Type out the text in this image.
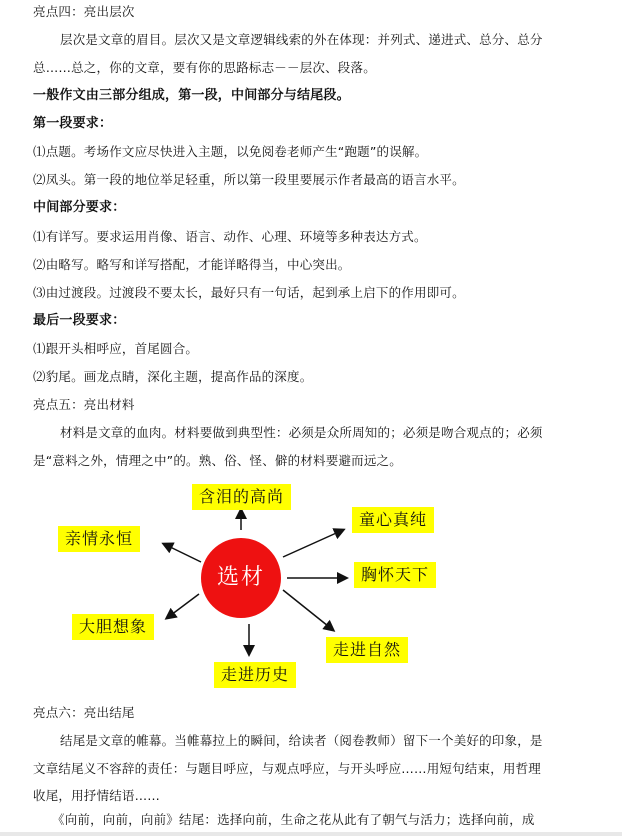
亮点四：亮出层次
层次是文章的眉目。层次又是文章逻辑线索的外在体现：并列式、递进式、总分、总分
总……总之，你的文章，要有你的思路标志－－层次、段落。
一般作文由三部分组成，第一段，中间部分与结尾段。
第一段要求：
⑴点题。考场作文应尽快进入主题，以免阅卷老师产生“跑题”的误解。
⑵凤头。第一段的地位举足轻重，所以第一段里要展示作者最高的语言水平。
中间部分要求：
⑴有详写。要求运用肖像、语言、动作、心理、环境等多种表达方式。
⑵由略写。略写和详写搭配，才能详略得当，中心突出。
⑶由过渡段。过渡段不要太长，最好只有一句话，起到承上启下的作用即可。
最后一段要求：
⑴跟开头相呼应，首尾圆合。
⑵豹尾。画龙点睛，深化主题，提高作品的深度。
亮点五：亮出材料
材料是文章的血肉。材料要做到典型性：必须是众所周知的；必须是吻合观点的；必须
是“意料之外，情理之中”的。熟、俗、怪、僻的材料要避而远之。
含泪的高尚
亲情永恒
童心真纯
胸怀天下
大胆想象
走进自然
走进历史
选材
亮点六：亮出结尾
结尾是文章的帷幕。当帷幕拉上的瞬间，给读者（阅卷教师）留下一个美好的印象，是
文章结尾义不容辞的责任：与题目呼应，与观点呼应，与开头呼应……用短句结束，用哲理
收尾，用抒情结语……
《向前，向前，向前》结尾：选择向前，生命之花从此有了朝气与活力；选择向前，成
